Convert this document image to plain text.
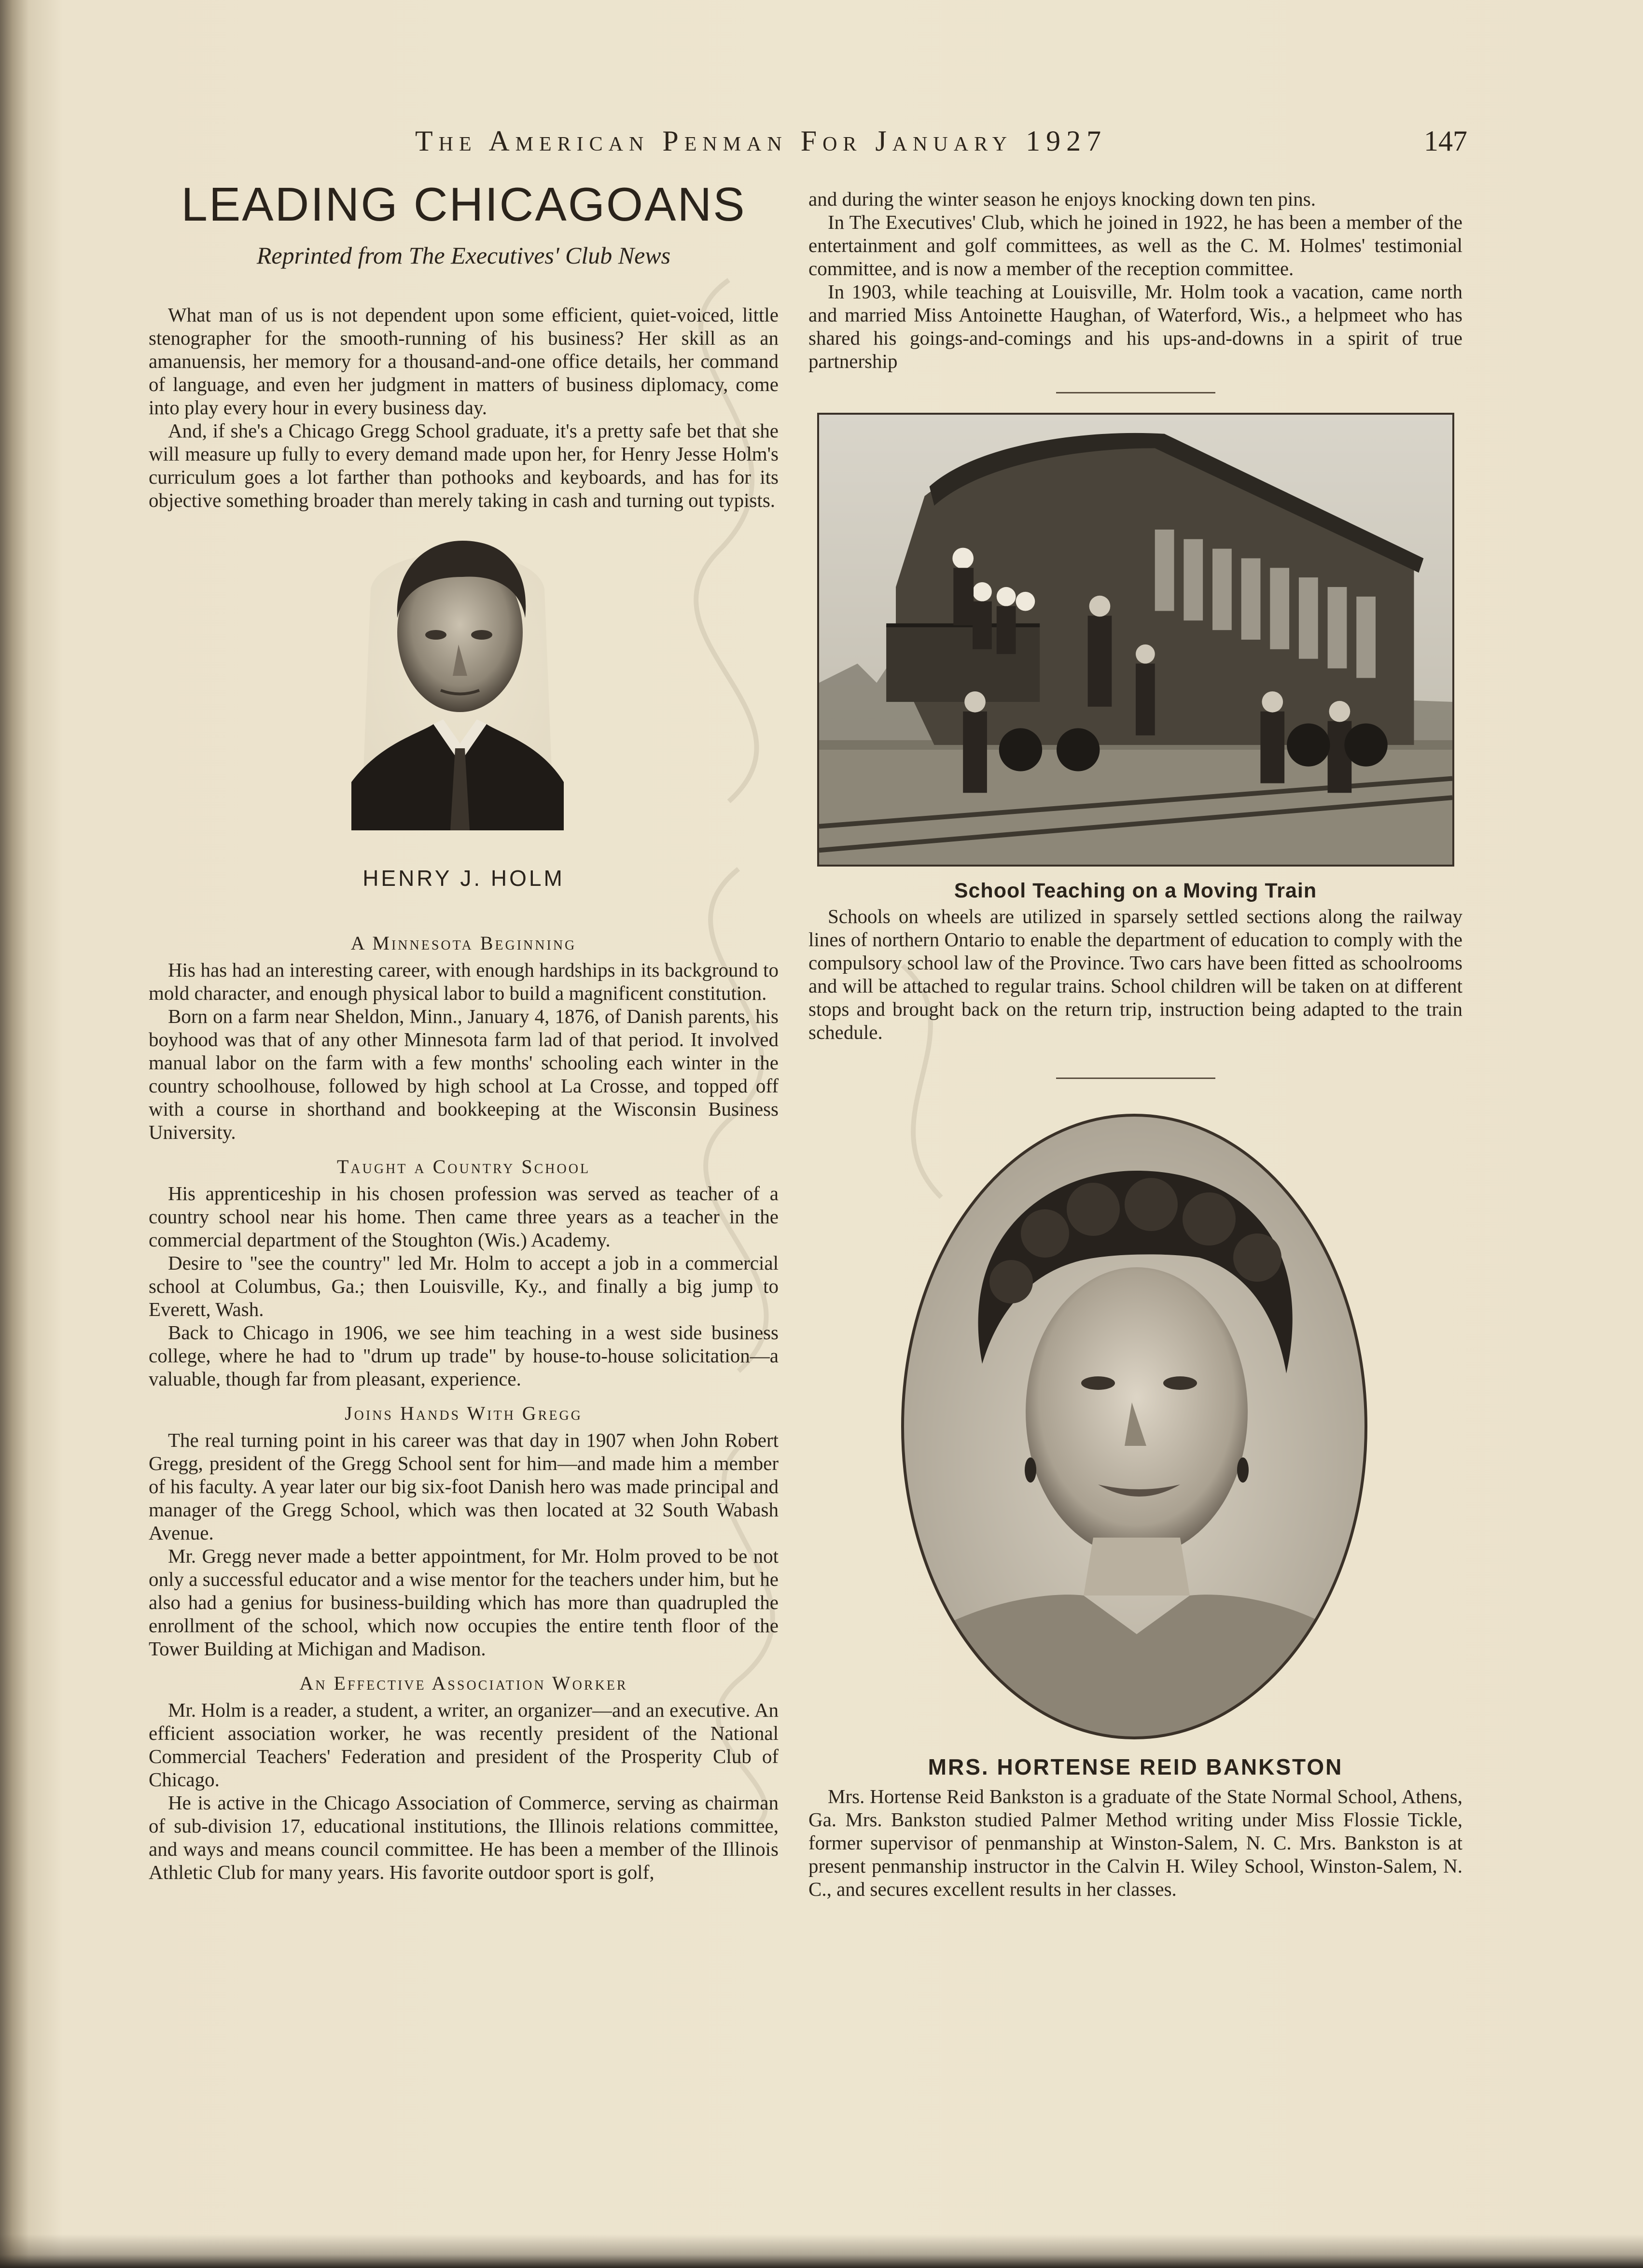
The American Penman For January 1927	147
LEADING CHICAGOANS
Reprinted from The Executives' Club News

What man of us is not dependent upon some efficient, quiet-voiced, little stenographer for the smooth-running of his business? Her skill as an amanuensis, her memory for a thousand-and-one office details, her command of language, and even her judgment in matters of business diplomacy, come into play every hour in every business day.

And, if she's a Chicago Gregg School graduate, it's a pretty safe bet that she will measure up fully to every demand made upon her, for Henry Jesse Holm's curriculum goes a lot farther than pothooks and keyboards, and has for its objective something broader than merely taking in cash and turning out typists.

HENRY J. HOLM
A Minnesota Beginning

His has had an interesting career, with enough hardships in its background to mold character, and enough physical labor to build a magnificent constitution.

Born on a farm near Sheldon, Minn., January 4, 1876, of Danish parents, his boyhood was that of any other Minnesota farm lad of that period. It involved manual labor on the farm with a few months' schooling each winter in the country schoolhouse, followed by high school at La Crosse, and topped off with a course in shorthand and bookkeeping at the Wisconsin Business University.

Taught a Country School

His apprenticeship in his chosen profession was served as teacher of a country school near his home. Then came three years as a teacher in the commercial department of the Stoughton (Wis.) Academy.

Desire to "see the country" led Mr. Holm to accept a job in a commercial school at Columbus, Ga.; then Louisville, Ky., and finally a big jump to Everett, Wash.

Back to Chicago in 1906, we see him teaching in a west side business college, where he had to "drum up trade" by house-to-house solicitation—a valuable, though far from pleasant, experience.

Joins Hands With Gregg

The real turning point in his career was that day in 1907 when John Robert Gregg, president of the Gregg School sent for him—and made him a member of his faculty. A year later our big six-foot Danish hero was made principal and manager of the Gregg School, which was then located at 32 South Wabash Avenue.

Mr. Gregg never made a better appointment, for Mr. Holm proved to be not only a successful educator and a wise mentor for the teachers under him, but he also had a genius for business-building which has more than quadrupled the enrollment of the school, which now occupies the entire tenth floor of the Tower Building at Michigan and Madison.

An Effective Association Worker

Mr. Holm is a reader, a student, a writer, an organizer—and an executive. An efficient association worker, he was recently president of the National Commercial Teachers' Federation and president of the Prosperity Club of Chicago.

He is active in the Chicago Association of Commerce, serving as chairman of sub-division 17, educational institutions, the Illinois relations committee, and ways and means council committee. He has been a member of the Illinois Athletic Club for many years. His favorite outdoor sport is golf,

and during the winter season he enjoys knocking down ten pins.

In The Executives' Club, which he joined in 1922, he has been a member of the entertainment and golf committees, as well as the C. M. Holmes' testimonial committee, and is now a member of the reception committee.

In 1903, while teaching at Louisville, Mr. Holm took a vacation, came north and married Miss Antoinette Haughan, of Waterford, Wis., a helpmeet who has shared his goings-and-comings and his ups-and-downs in a spirit of true partnership

School Teaching on a Moving Train

Schools on wheels are utilized in sparsely settled sections along the railway lines of northern Ontario to enable the department of education to comply with the compulsory school law of the Province. Two cars have been fitted as schoolrooms and will be attached to regular trains. School children will be taken on at different stops and brought back on the return trip, instruction being adapted to the train schedule.

MRS. HORTENSE REID BANKSTON

Mrs. Hortense Reid Bankston is a graduate of the State Normal School, Athens, Ga. Mrs. Bankston studied Palmer Method writing under Miss Flossie Tickle, former supervisor of penmanship at Winston-Salem, N. C. Mrs. Bankston is at present penmanship instructor in the Calvin H. Wiley School, Winston-Salem, N. C., and secures excellent results in her classes.
